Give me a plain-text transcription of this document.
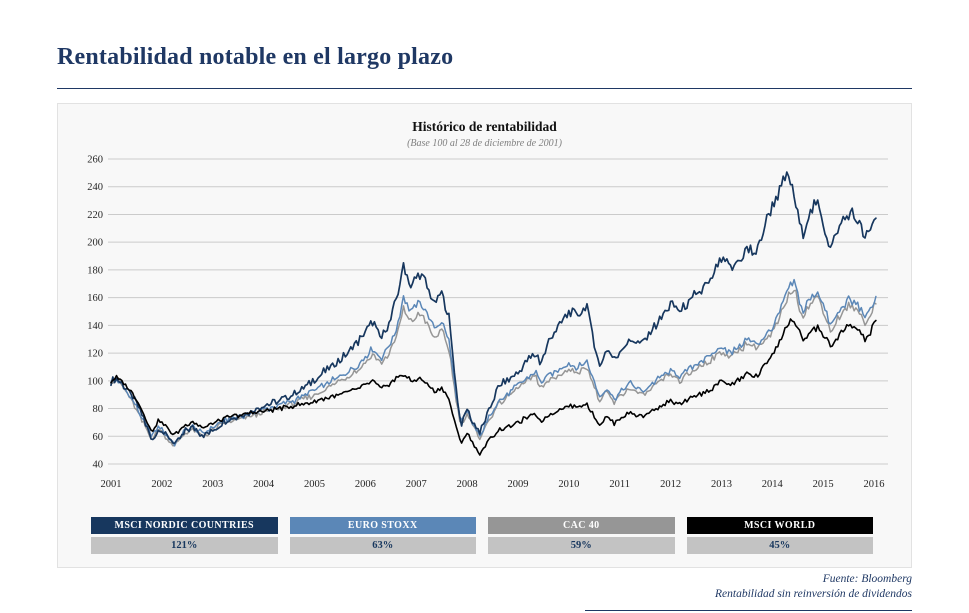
Rentabilidad notable en el largo plazo
40
60
80
100
120
140
160
180
200
220
240
260
2001	2002	2003	2004	2005	2006	2007	2008	2009	2010	2011	2012	2013	2014	2015	2016
Histórico de rentabilidad
(Base 100 al 28 de diciembre de 2001)
MSCI NORDIC COUNTRIES
121%
EURO STOXX
63%
CAC 40
59%
MSCI WORLD
45%
Fuente: Bloomberg
Rentabilidad sin reinversión de dividendos
